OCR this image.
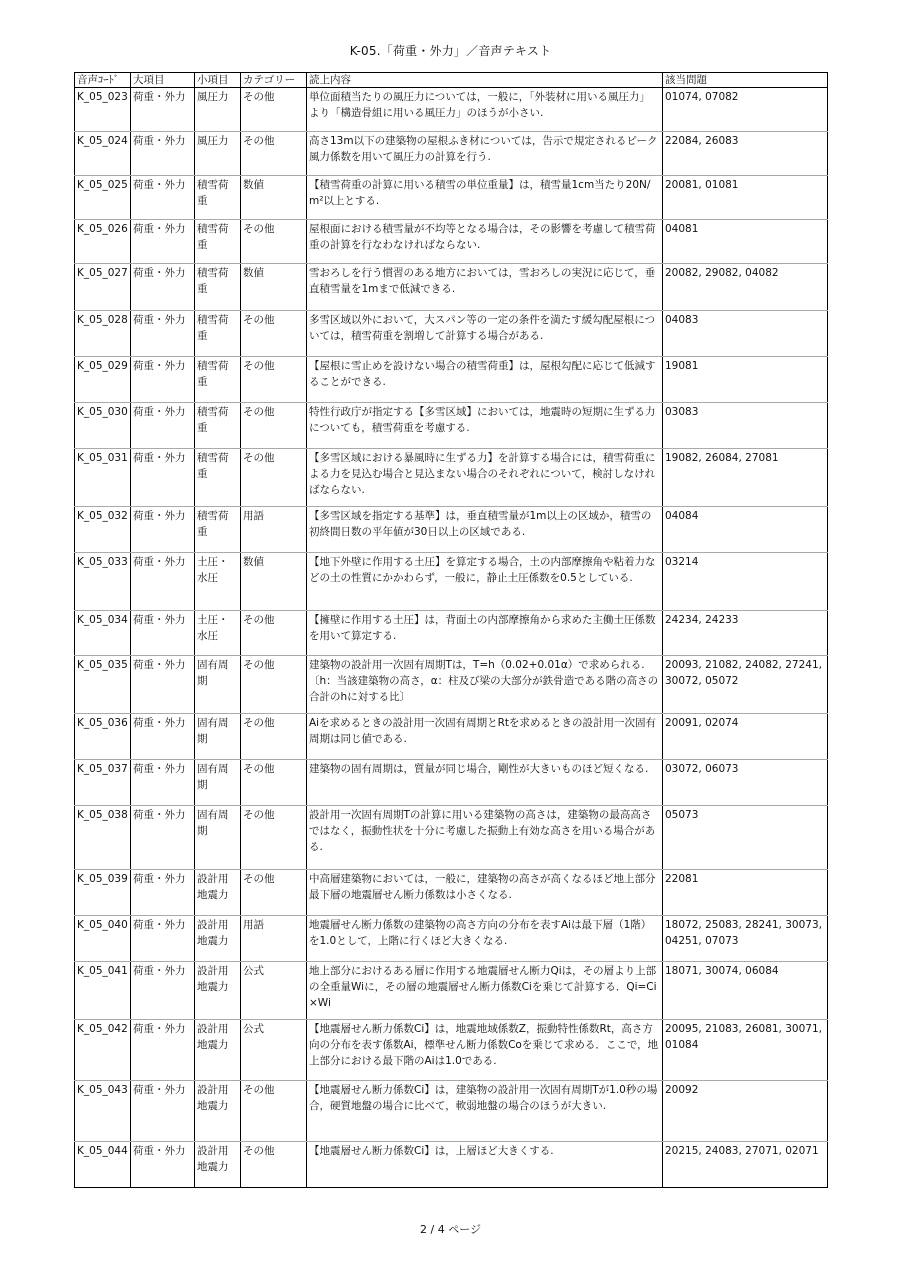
K-05.「荷重・外力」／音声テキスト
音声ｺｰﾄﾞ	大項目	小項目	カテゴリー	読上内容	該当問題
K_05_023	荷重・外力	風圧力	その他	単位面積当たりの風圧力については，一般に，「外装材に用いる風圧力」より「構造骨組に用いる風圧力」のほうが小さい.	01074, 07082
K_05_024	荷重・外力	風圧力	その他	高さ13m以下の建築物の屋根ふき材については，告示で規定されるピーク風力係数を用いて風圧力の計算を行う.	22084, 26083
K_05_025	荷重・外力	積雪荷重	数値	【積雪荷重の計算に用いる積雪の単位重量】は，積雪量1cm当たり20N/m²以上とする.	20081, 01081
K_05_026	荷重・外力	積雪荷重	その他	屋根面における積雪量が不均等となる場合は，その影響を考慮して積雪荷重の計算を行なわなければならない.	04081
K_05_027	荷重・外力	積雪荷重	数値	雪おろしを行う慣習のある地方においては，雪おろしの実況に応じて，垂直積雪量を1mまで低減できる.	20082, 29082, 04082
K_05_028	荷重・外力	積雪荷重	その他	多雪区域以外において，大スパン等の一定の条件を満たす緩勾配屋根については，積雪荷重を割増して計算する場合がある.	04083
K_05_029	荷重・外力	積雪荷重	その他	【屋根に雪止めを設けない場合の積雪荷重】は，屋根勾配に応じて低減することができる.	19081
K_05_030	荷重・外力	積雪荷重	その他	特性行政庁が指定する【多雪区域】においては，地震時の短期に生ずる力についても，積雪荷重を考慮する.	03083
K_05_031	荷重・外力	積雪荷重	その他	【多雪区域における暴風時に生ずる力】を計算する場合には，積雪荷重による力を見込む場合と見込まない場合のそれぞれについて，検討しなければならない.	19082, 26084, 27081
K_05_032	荷重・外力	積雪荷重	用語	【多雪区域を指定する基準】は，垂直積雪量が1m以上の区域か，積雪の初終間日数の平年値が30日以上の区域である.	04084
K_05_033	荷重・外力	土圧・水圧	数値	【地下外壁に作用する土圧】を算定する場合，土の内部摩擦角や粘着力などの土の性質にかかわらず，一般に，静止土圧係数を0.5としている.	03214
K_05_034	荷重・外力	土圧・水圧	その他	【擁壁に作用する土圧】は，背面土の内部摩擦角から求めた主働土圧係数を用いて算定する.	24234, 24233
K_05_035	荷重・外力	固有周期	その他	建築物の設計用一次固有周期Tは，T=h（0.02+0.01α）で求められる.〔h：当該建築物の高さ，α：柱及び梁の大部分が鉄骨造である階の高さの合計のhに対する比〕	20093, 21082, 24082, 27241, 30072, 05072
K_05_036	荷重・外力	固有周期	その他	Aiを求めるときの設計用一次固有周期とRtを求めるときの設計用一次固有周期は同じ値である.	20091, 02074
K_05_037	荷重・外力	固有周期	その他	建築物の固有周期は，質量が同じ場合，剛性が大きいものほど短くなる.	03072, 06073
K_05_038	荷重・外力	固有周期	その他	設計用一次固有周期Tの計算に用いる建築物の高さは，建築物の最高高さではなく，振動性状を十分に考慮した振動上有効な高さを用いる場合がある.	05073
K_05_039	荷重・外力	設計用地震力	その他	中高層建築物においては，一般に，建築物の高さが高くなるほど地上部分最下層の地震層せん断力係数は小さくなる.	22081
K_05_040	荷重・外力	設計用地震力	用語	地震層せん断力係数の建築物の高さ方向の分布を表すAiは最下層（1階）を1.0として，上階に行くほど大きくなる.	18072, 25083, 28241, 30073, 04251, 07073
K_05_041	荷重・外力	設計用地震力	公式	地上部分におけるある層に作用する地震層せん断力Qiは，その層より上部の全重量Wiに，その層の地震層せん断力係数Ciを乗じて計算する．Qi=Ci×Wi	18071, 30074, 06084
K_05_042	荷重・外力	設計用地震力	公式	【地震層せん断力係数Ci】は，地震地域係数Z，振動特性係数Rt，高さ方向の分布を表す係数Ai，標準せん断力係数Coを乗じて求める．ここで，地上部分における最下階のAiは1.0である.	20095, 21083, 26081, 30071, 01084
K_05_043	荷重・外力	設計用地震力	その他	【地震層せん断力係数Ci】は，建築物の設計用一次固有周期Tが1.0秒の場合，硬質地盤の場合に比べて，軟弱地盤の場合のほうが大きい.	20092
K_05_044	荷重・外力	設計用地震力	その他	【地震層せん断力係数Ci】は，上層ほど大きくする.	20215, 24083, 27071, 02071
2 / 4 ページ
